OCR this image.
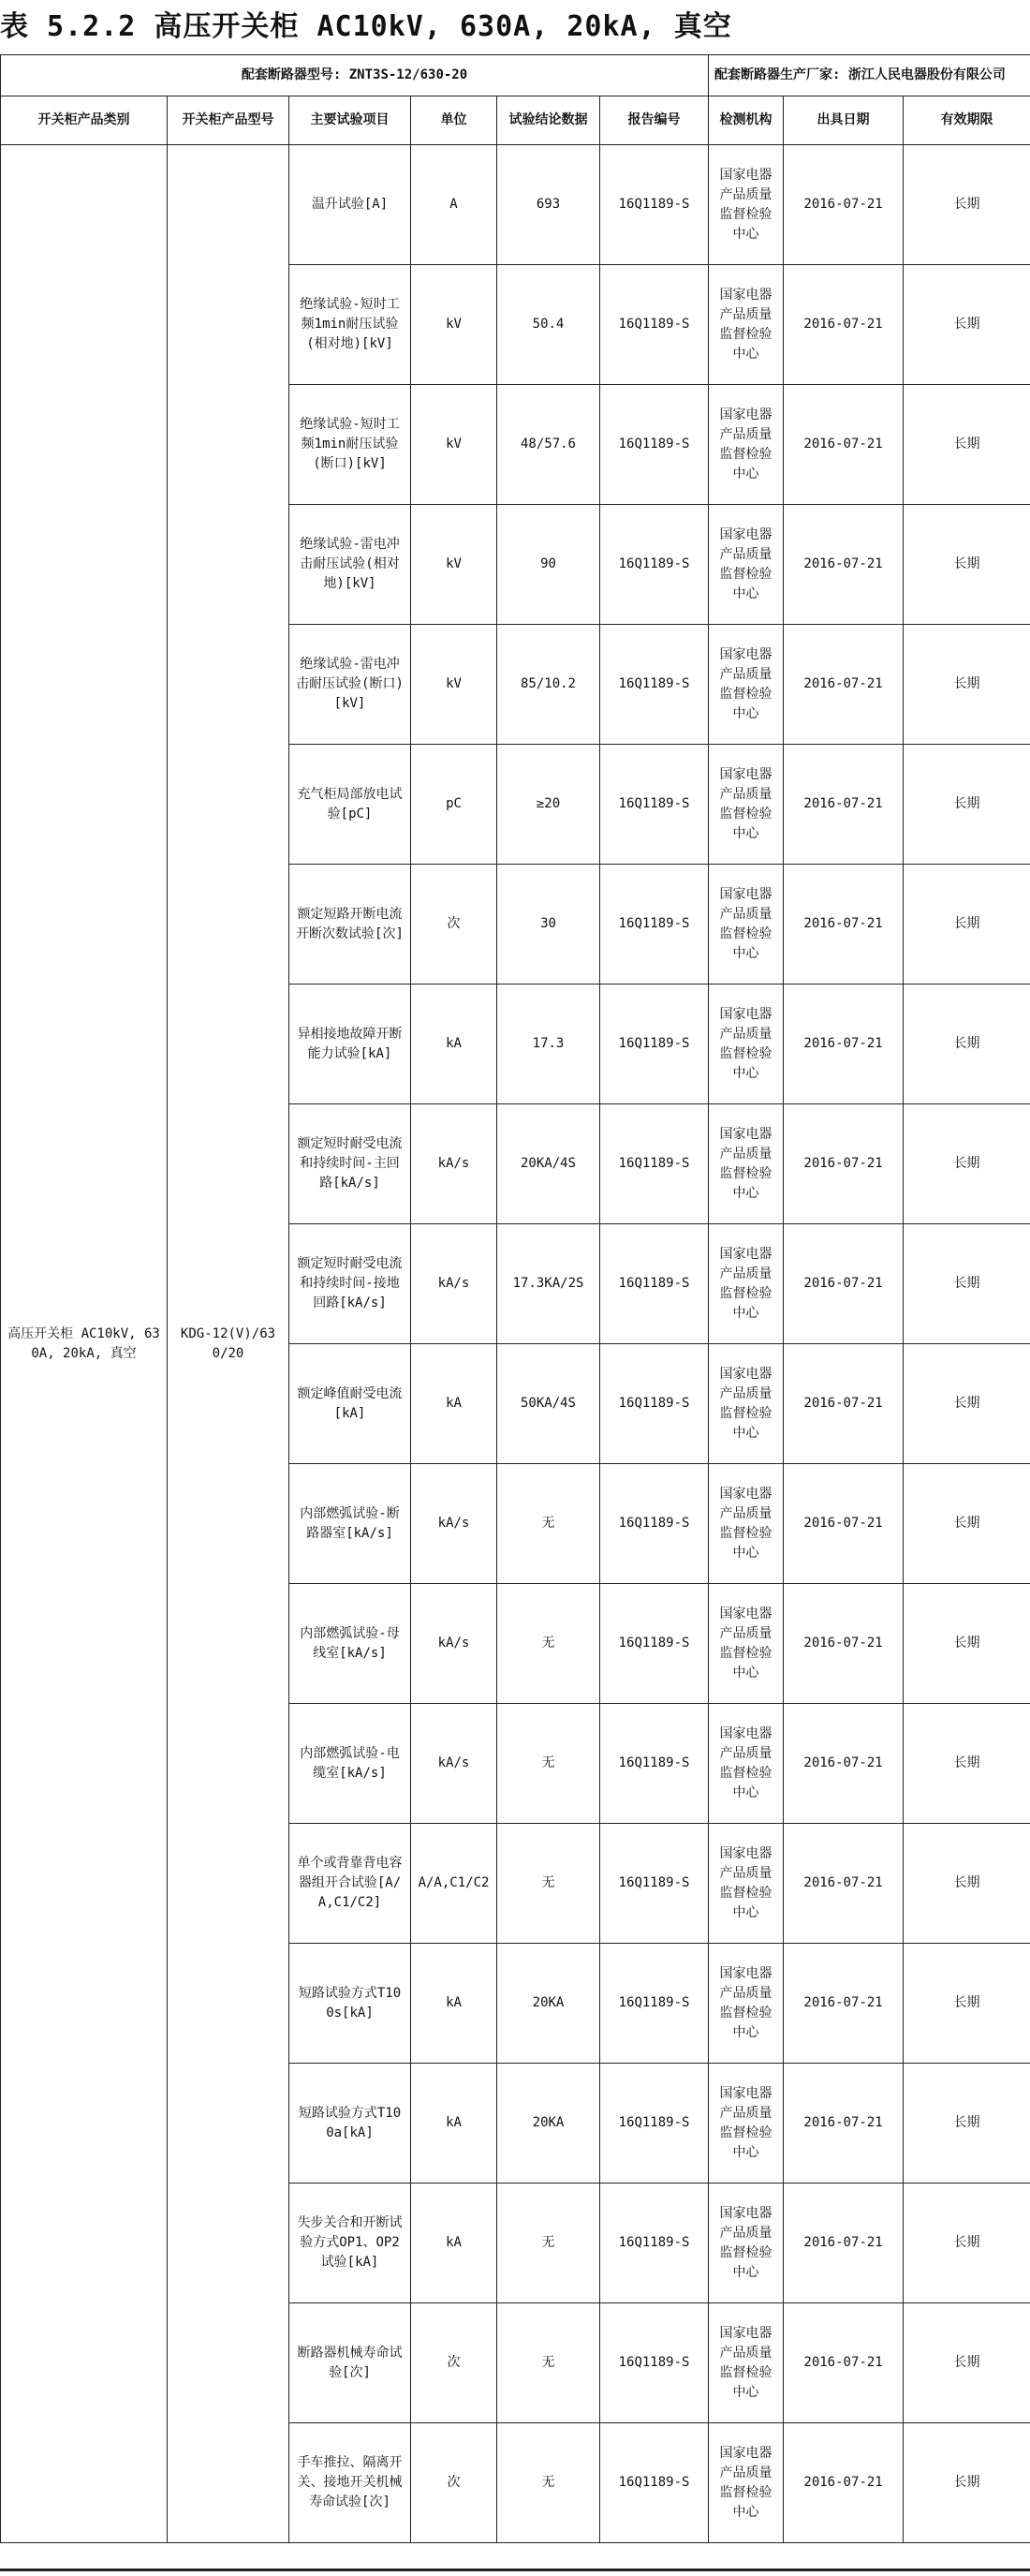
表 5.2.2 高压开关柜 AC10kV, 630A, 20kA, 真空
配套断路器型号: ZNT3S-12/630-20						配套断路器生产厂家: 浙江人民电器股份有限公司		
开关柜产品类别	开关柜产品型号	主要试验项目	单位	试验结论数据	报告编号	检测机构	出具日期	有效期限
高压开关柜 AC10kV, 630A, 20kA, 真空	KDG-12(V)/630/20	温升试验[A]	A	693	16Q1189-S	国家电器产品质量监督检验中心	2016-07-21	长期
		绝缘试验-短时工频1min耐压试验(相对地)[kV]	kV	50.4	16Q1189-S	国家电器产品质量监督检验中心	2016-07-21	长期
		绝缘试验-短时工频1min耐压试验(断口)[kV]	kV	48/57.6	16Q1189-S	国家电器产品质量监督检验中心	2016-07-21	长期
		绝缘试验-雷电冲击耐压试验(相对地)[kV]	kV	90	16Q1189-S	国家电器产品质量监督检验中心	2016-07-21	长期
		绝缘试验-雷电冲击耐压试验(断口)[kV]	kV	85/10.2	16Q1189-S	国家电器产品质量监督检验中心	2016-07-21	长期
		充气柜局部放电试验[pC]	pC	≥20	16Q1189-S	国家电器产品质量监督检验中心	2016-07-21	长期
		额定短路开断电流开断次数试验[次]	次	30	16Q1189-S	国家电器产品质量监督检验中心	2016-07-21	长期
		异相接地故障开断能力试验[kA]	kA	17.3	16Q1189-S	国家电器产品质量监督检验中心	2016-07-21	长期
		额定短时耐受电流和持续时间-主回路[kA/s]	kA/s	20KA/4S	16Q1189-S	国家电器产品质量监督检验中心	2016-07-21	长期
		额定短时耐受电流和持续时间-接地回路[kA/s]	kA/s	17.3KA/2S	16Q1189-S	国家电器产品质量监督检验中心	2016-07-21	长期
		额定峰值耐受电流[kA]	kA	50KA/4S	16Q1189-S	国家电器产品质量监督检验中心	2016-07-21	长期
		内部燃弧试验-断路器室[kA/s]	kA/s	无	16Q1189-S	国家电器产品质量监督检验中心	2016-07-21	长期
		内部燃弧试验-母线室[kA/s]	kA/s	无	16Q1189-S	国家电器产品质量监督检验中心	2016-07-21	长期
		内部燃弧试验-电缆室[kA/s]	kA/s	无	16Q1189-S	国家电器产品质量监督检验中心	2016-07-21	长期
		单个或背靠背电容器组开合试验[A/A,C1/C2]	A/A,C1/C2	无	16Q1189-S	国家电器产品质量监督检验中心	2016-07-21	长期
		短路试验方式T100s[kA]	kA	20KA	16Q1189-S	国家电器产品质量监督检验中心	2016-07-21	长期
		短路试验方式T100a[kA]	kA	20KA	16Q1189-S	国家电器产品质量监督检验中心	2016-07-21	长期
		失步关合和开断试验方式OP1、OP2试验[kA]	kA	无	16Q1189-S	国家电器产品质量监督检验中心	2016-07-21	长期
		断路器机械寿命试验[次]	次	无	16Q1189-S	国家电器产品质量监督检验中心	2016-07-21	长期
		手车推拉、隔离开关、接地开关机械寿命试验[次]	次	无	16Q1189-S	国家电器产品质量监督检验中心	2016-07-21	长期
